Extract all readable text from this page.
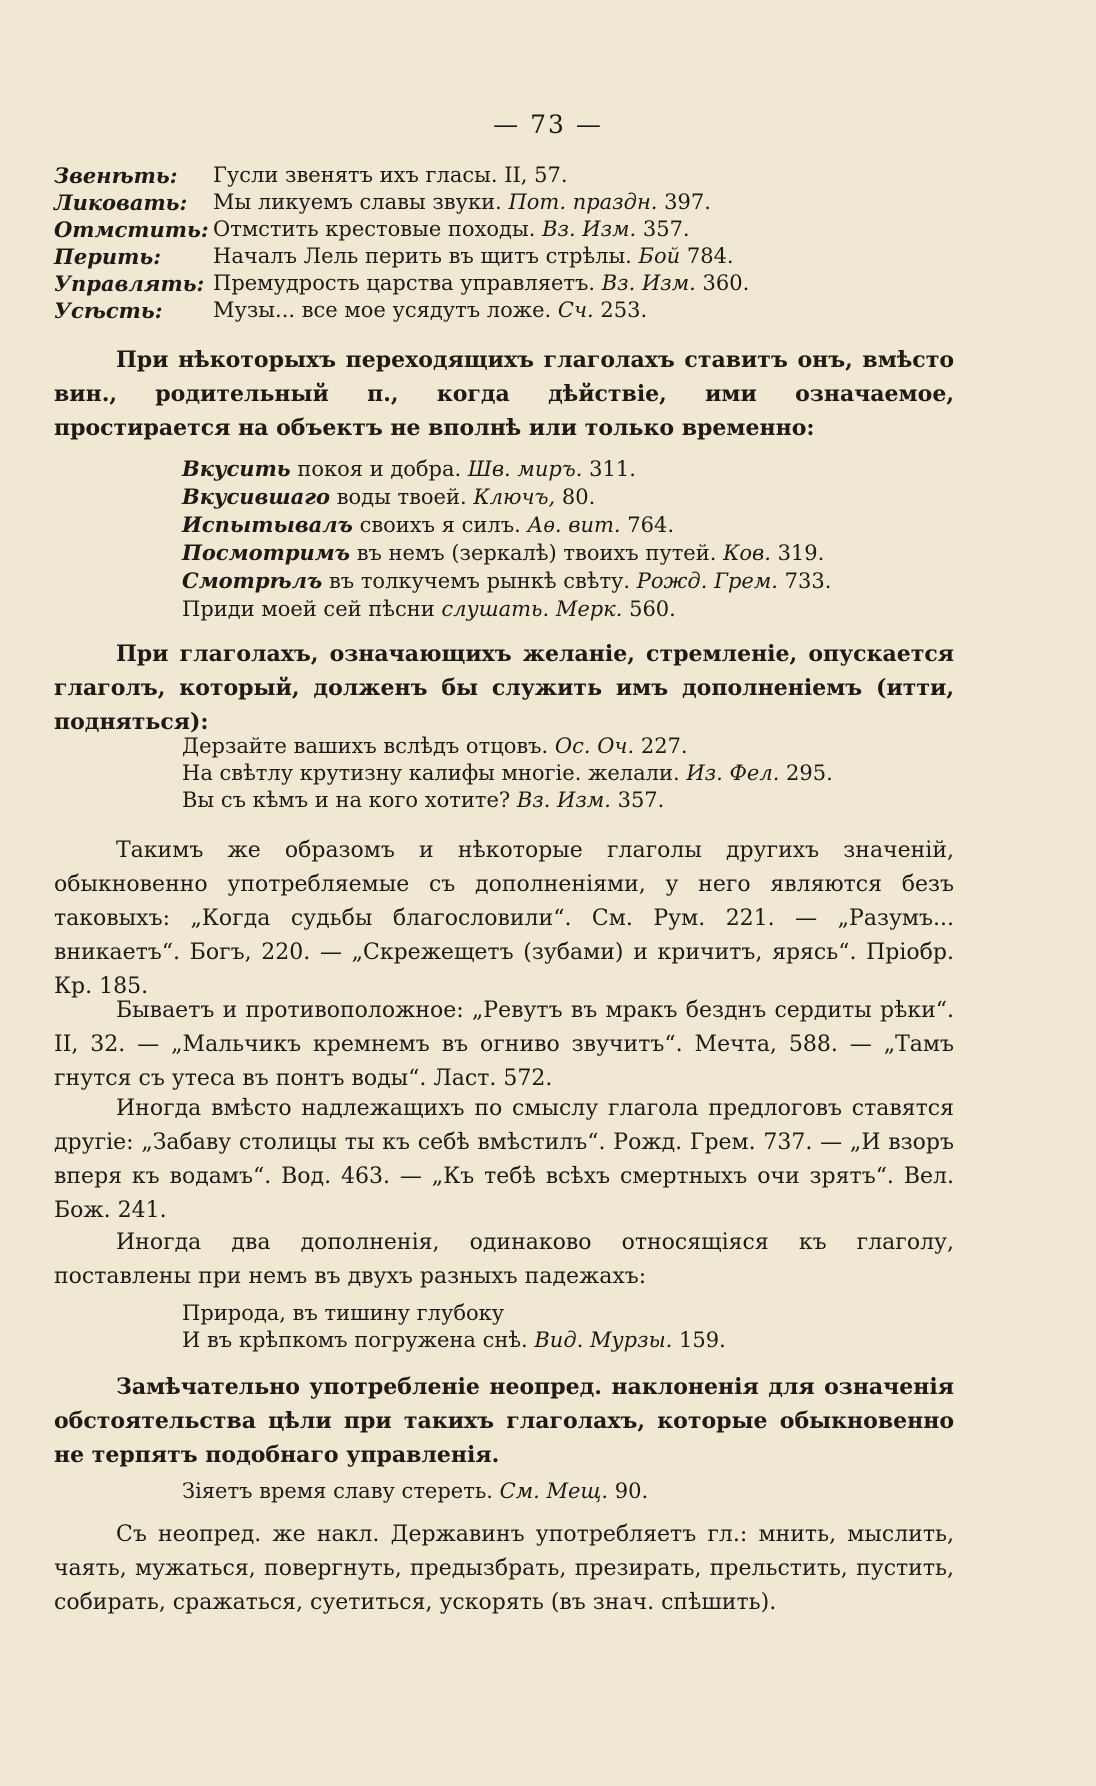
— 73 —
Звенѣть:	Гусли звенятъ ихъ гласы. II, 57.
Ликовать:	Мы ликуемъ славы звуки. Пот. праздн. 397.
Отмстить: Отмстить крестовые походы. Вз. Изм. 357.
Перить:	Началъ Лель перить въ щитъ стрѣлы. Бой 784.
Управлять: Премудрость царства управляетъ. Вз. Изм. 360.
Усѣсть:	Музы... все мое усядутъ ложе. Сч. 253.
При нѣкоторыхъ переходящихъ глаголахъ ставитъ онъ, вмѣсто вин., родительный п., когда дѣйствіе, ими означаемое, простирается на объектъ не вполнѣ или только временно:
Вкусить покоя и добра. Шв. миръ. 311.
Вкусившаго воды твоей. Ключъ, 80.
Испытывалъ своихъ я силъ. Аѳ. вит. 764.
Посмотримъ въ немъ (зеркалѣ) твоихъ путей. Ков. 319.
Смотрѣлъ въ толкучемъ рынкѣ свѣту. Рожд. Грем. 733.
Приди моей сей пѣсни слушать. Мерк. 560.
При глаголахъ, означающихъ желаніе, стремленіе, опускается глаголъ, который, долженъ бы служить имъ дополненіемъ (итти, подняться):
Дерзайте вашихъ вслѣдъ отцовъ. Ос. Оч. 227.
На свѣтлу крутизну калифы многіе. желали. Из. Фел. 295.
Вы съ кѣмъ и на кого хотите? Вз. Изм. 357.
Такимъ же образомъ и нѣкоторые глаголы другихъ значеній, обыкновенно употребляемые съ дополненіями, у него являются безъ таковыхъ: „Когда судьбы благословили“. См. Рум. 221. — „Разумъ... вникаетъ“. Богъ, 220. — „Скрежещетъ (зубами) и кричитъ, ярясь“. Пріобр. Кр. 185.
Бываетъ и противоположное: „Ревутъ въ мракъ безднъ сердиты рѣки“. II, 32. — „Мальчикъ кремнемъ въ огниво звучитъ“. Мечта, 588. — „Тамъ гнутся съ утеса въ понтъ воды“. Ласт. 572.
Иногда вмѣсто надлежащихъ по смыслу глагола предлоговъ ставятся другіе: „Забаву столицы ты къ себѣ вмѣстилъ“. Рожд. Грем. 737. — „И взоръ вперя къ водамъ“. Вод. 463. — „Къ тебѣ всѣхъ смертныхъ очи зрятъ“. Вел. Бож. 241.
Иногда два дополненія, одинаково относящіяся къ глаголу, поставлены при немъ въ двухъ разныхъ падежахъ:
Природа, въ тишину глубоку
И въ крѣпкомъ погружена снѣ. Вид. Мурзы. 159.
Замѣчательно употребленіе неопред. наклоненія для означенія обстоятельства цѣли при такихъ глаголахъ, которые обыкновенно не терпятъ подобнаго управленія.
Зіяетъ время славу стереть. См. Мещ. 90.
Съ неопред. же накл. Державинъ употребляетъ гл.: мнить, мыслить, чаять, мужаться, повергнуть, предызбрать, презирать, прельстить, пустить, собирать, сражаться, суетиться, ускорять (въ знач. спѣшить).
